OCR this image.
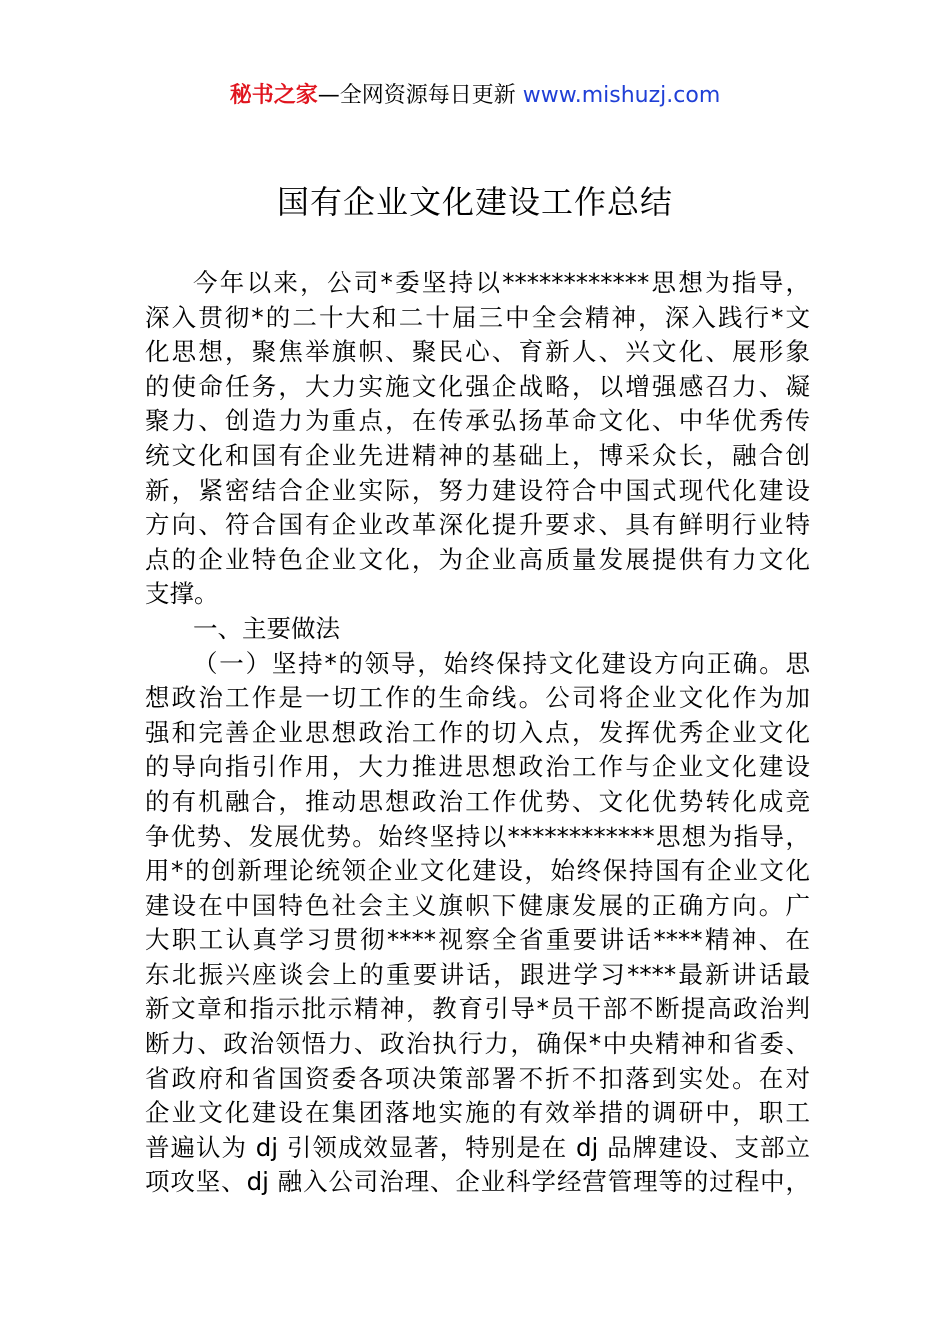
秘书之家—全网资源每日更新 www.mishuzj.com
国有企业文化建设工作总结
今年以来，公司*委坚持以************思想为指导，
深入贯彻*的二十大和二十届三中全会精神，深入践行*文
化思想，聚焦举旗帜、聚民心、育新人、兴文化、展形象
的使命任务，大力实施文化强企战略，以增强感召力、凝
聚力、创造力为重点，在传承弘扬革命文化、中华优秀传
统文化和国有企业先进精神的基础上，博采众长，融合创
新，紧密结合企业实际，努力建设符合中国式现代化建设
方向、符合国有企业改革深化提升要求、具有鲜明行业特
点的企业特色企业文化，为企业高质量发展提供有力文化
支撑。
一、主要做法
（一）坚持*的领导，始终保持文化建设方向正确。思
想政治工作是一切工作的生命线。公司将企业文化作为加
强和完善企业思想政治工作的切入点，发挥优秀企业文化
的导向指引作用，大力推进思想政治工作与企业文化建设
的有机融合，推动思想政治工作优势、文化优势转化成竞
争优势、发展优势。始终坚持以************思想为指导，
用*的创新理论统领企业文化建设，始终保持国有企业文化
建设在中国特色社会主义旗帜下健康发展的正确方向。广
大职工认真学习贯彻****视察全省重要讲话****精神、在
东北振兴座谈会上的重要讲话，跟进学习****最新讲话最
新文章和指示批示精神，教育引导*员干部不断提高政治判
断力、政治领悟力、政治执行力，确保*中央精神和省委、
省政府和省国资委各项决策部署不折不扣落到实处。在对
企业文化建设在集团落地实施的有效举措的调研中，职工
普遍认为 dj 引领成效显著，特别是在 dj 品牌建设、支部立
项攻坚、dj 融入公司治理、企业科学经营管理等的过程中，
